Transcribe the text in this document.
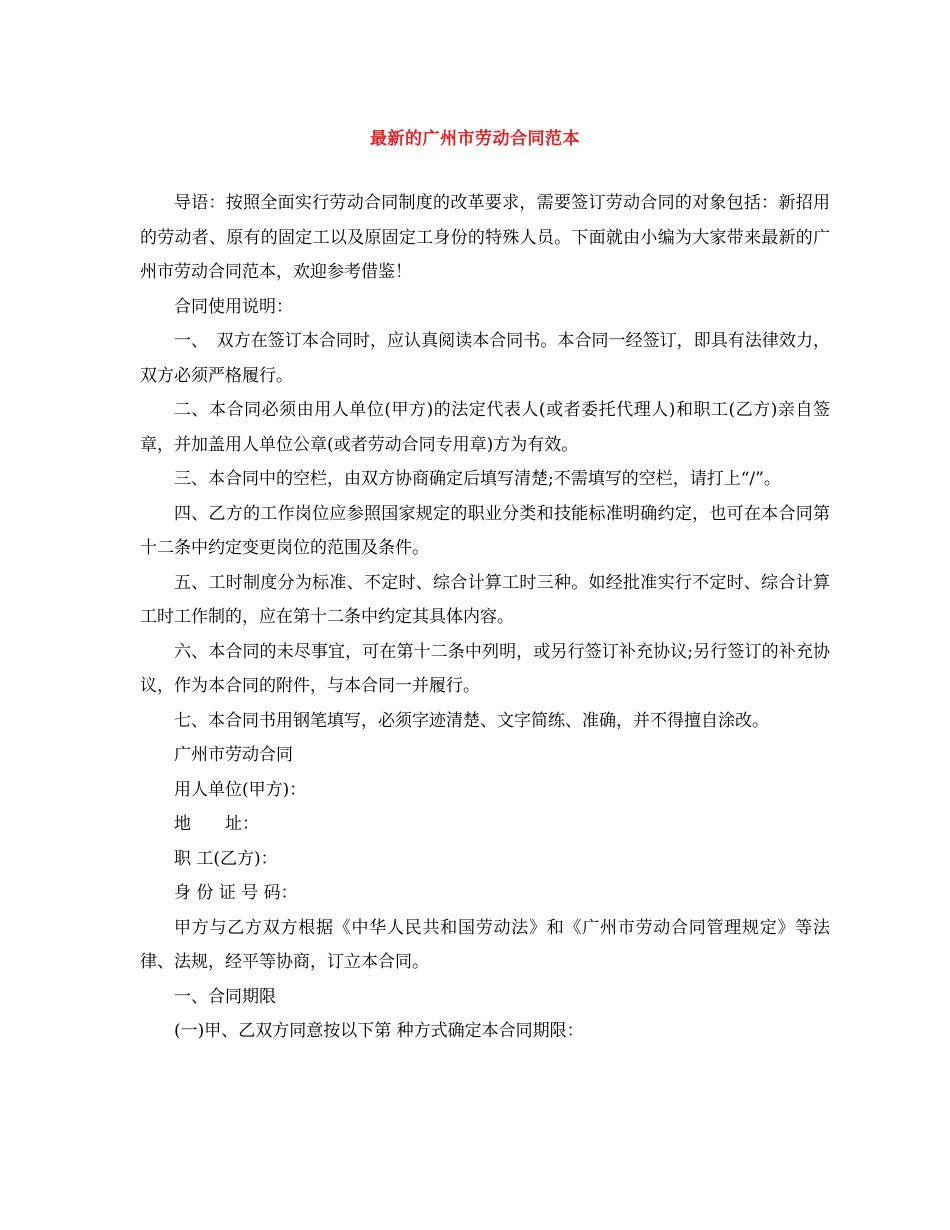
最新的广州市劳动合同范本

导语：按照全面实行劳动合同制度的改革要求，需要签订劳动合同的对象包括：新招用的劳动者、原有的固定工以及原固定工身份的特殊人员。下面就由小编为大家带来最新的广州市劳动合同范本，欢迎参考借鉴！

合同使用说明：

一、　双方在签订本合同时，应认真阅读本合同书。本合同一经签订，即具有法律效力，双方必须严格履行。

二、本合同必须由用人单位(甲方)的法定代表人(或者委托代理人)和职工(乙方)亲自签章，并加盖用人单位公章(或者劳动合同专用章)方为有效。

三、本合同中的空栏，由双方协商确定后填写清楚;不需填写的空栏，请打上“/”。

四、乙方的工作岗位应参照国家规定的职业分类和技能标准明确约定，也可在本合同第十二条中约定变更岗位的范围及条件。

五、工时制度分为标准、不定时、综合计算工时三种。如经批准实行不定时、综合计算工时工作制的，应在第十二条中约定其具体内容。

六、本合同的未尽事宜，可在第十二条中列明，或另行签订补充协议;另行签订的补充协议，作为本合同的附件，与本合同一并履行。

七、本合同书用钢笔填写，必须字迹清楚、文字简练、准确，并不得擅自涂改。

广州市劳动合同

用人单位(甲方)：

地　　址：

职 工(乙方)：

身 份 证 号 码：

甲方与乙方双方根据《中华人民共和国劳动法》和《广州市劳动合同管理规定》等法律、法规，经平等协商，订立本合同。

一、合同期限

(一)甲、乙双方同意按以下第 种方式确定本合同期限：
